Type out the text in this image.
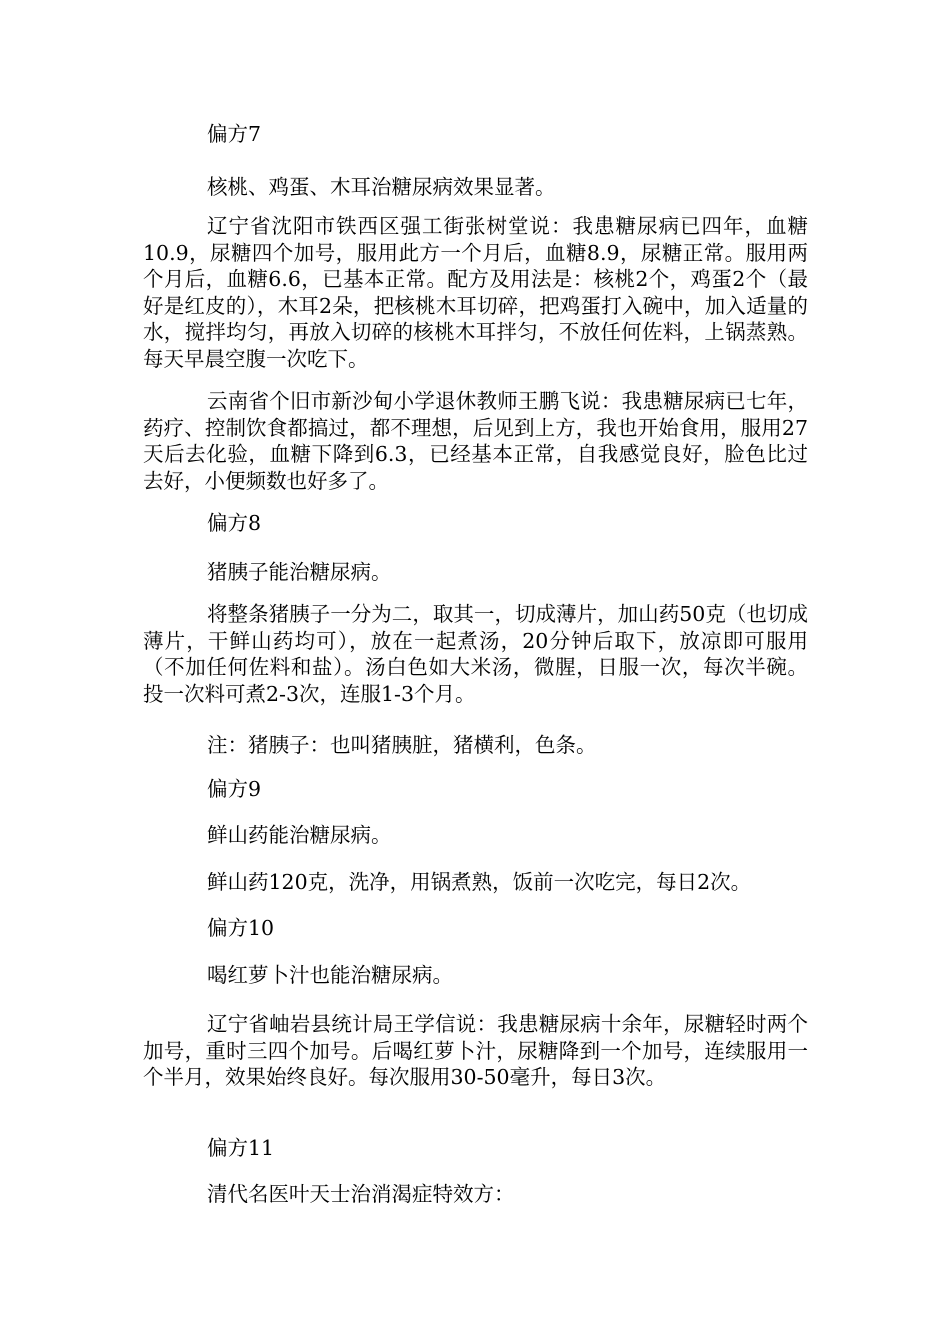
偏方7

核桃、鸡蛋、木耳治糖尿病效果显著。

辽宁省沈阳市铁西区强工街张树堂说：我患糖尿病已四年，血糖10.9，尿糖四个加号，服用此方一个月后，血糖8.9，尿糖正常。服用两个月后，血糖6.6，已基本正常。配方及用法是：核桃2个，鸡蛋2个（最好是红皮的），木耳2朵，把核桃木耳切碎，把鸡蛋打入碗中，加入适量的水，搅拌均匀，再放入切碎的核桃木耳拌匀，不放任何佐料，上锅蒸熟。每天早晨空腹一次吃下。

云南省个旧市新沙甸小学退休教师王鹏飞说：我患糖尿病已七年，药疗、控制饮食都搞过，都不理想，后见到上方，我也开始食用，服用27天后去化验，血糖下降到6.3，已经基本正常，自我感觉良好，脸色比过去好，小便频数也好多了。

偏方8

猪胰子能治糖尿病。

将整条猪胰子一分为二，取其一，切成薄片，加山药50克（也切成薄片，干鲜山药均可），放在一起煮汤，20分钟后取下，放凉即可服用（不加任何佐料和盐）。汤白色如大米汤，微腥，日服一次，每次半碗。投一次料可煮2-3次，连服1-3个月。

注：猪胰子：也叫猪胰脏，猪横利，色条。

偏方9

鲜山药能治糖尿病。

鲜山药120克，洗净，用锅煮熟，饭前一次吃完，每日2次。

偏方10

喝红萝卜汁也能治糖尿病。

辽宁省岫岩县统计局王学信说：我患糖尿病十余年，尿糖轻时两个加号，重时三四个加号。后喝红萝卜汁，尿糖降到一个加号，连续服用一个半月，效果始终良好。每次服用30-50毫升，每日3次。

偏方11

清代名医叶天士治消渴症特效方：
